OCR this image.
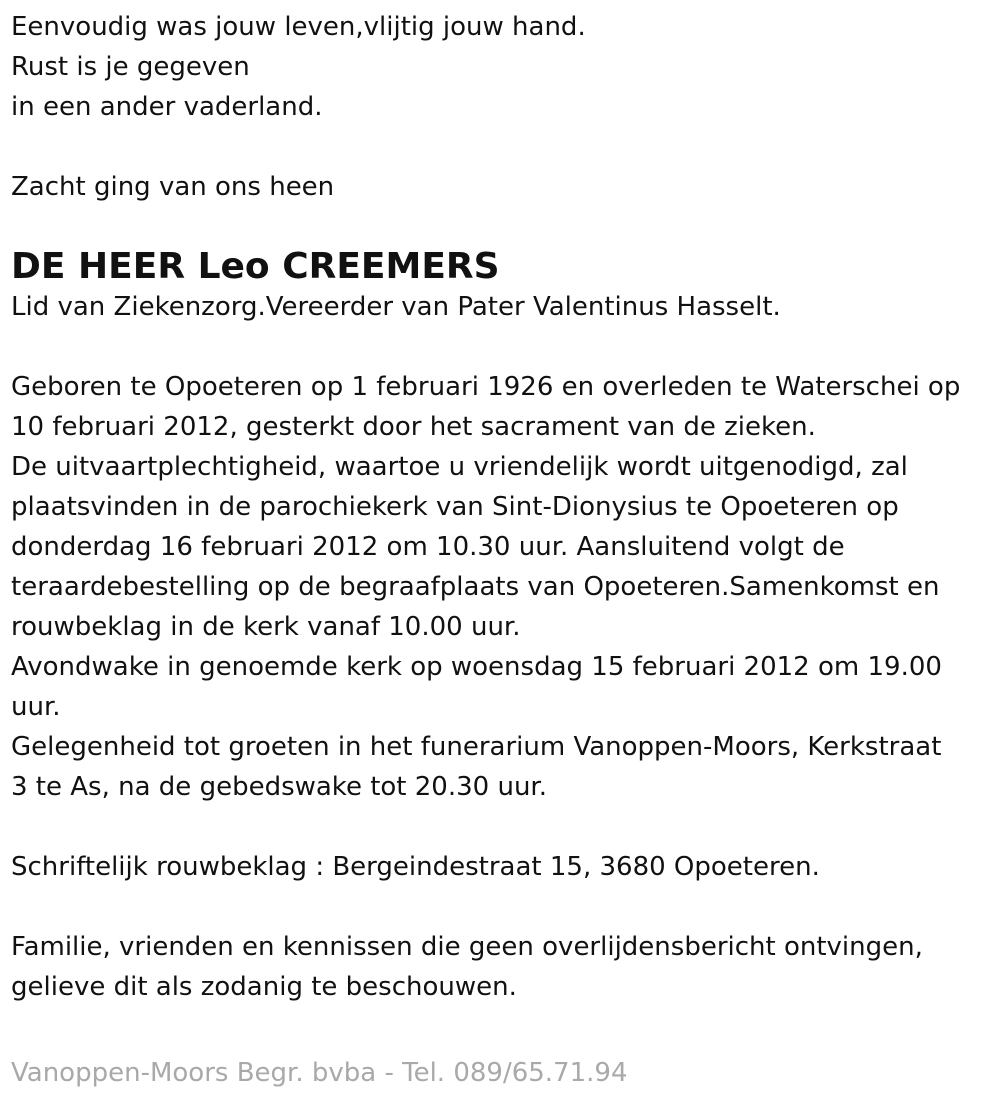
Eenvoudig was jouw leven,vlijtig jouw hand.
Rust is je gegeven
in een ander vaderland.
Zacht ging van ons heen
DE HEER Leo CREEMERS
Lid van Ziekenzorg.Vereerder van Pater Valentinus Hasselt.
Geboren te Opoeteren op 1 februari 1926 en overleden te Waterschei op
10 februari 2012, gesterkt door het sacrament van de zieken.
De uitvaartplechtigheid, waartoe u vriendelijk wordt uitgenodigd, zal
plaatsvinden in de parochiekerk van Sint-Dionysius te Opoeteren op
donderdag 16 februari 2012 om 10.30 uur. Aansluitend volgt de
teraardebestelling op de begraafplaats van Opoeteren.Samenkomst en
rouwbeklag in de kerk vanaf 10.00 uur.
Avondwake in genoemde kerk op woensdag 15 februari 2012 om 19.00
uur.
Gelegenheid tot groeten in het funerarium Vanoppen-Moors, Kerkstraat
3 te As, na de gebedswake tot 20.30 uur.
Schriftelijk rouwbeklag : Bergeindestraat 15, 3680 Opoeteren.
Familie, vrienden en kennissen die geen overlijdensbericht ontvingen,
gelieve dit als zodanig te beschouwen.
Vanoppen-Moors Begr. bvba - Tel. 089/65.71.94
